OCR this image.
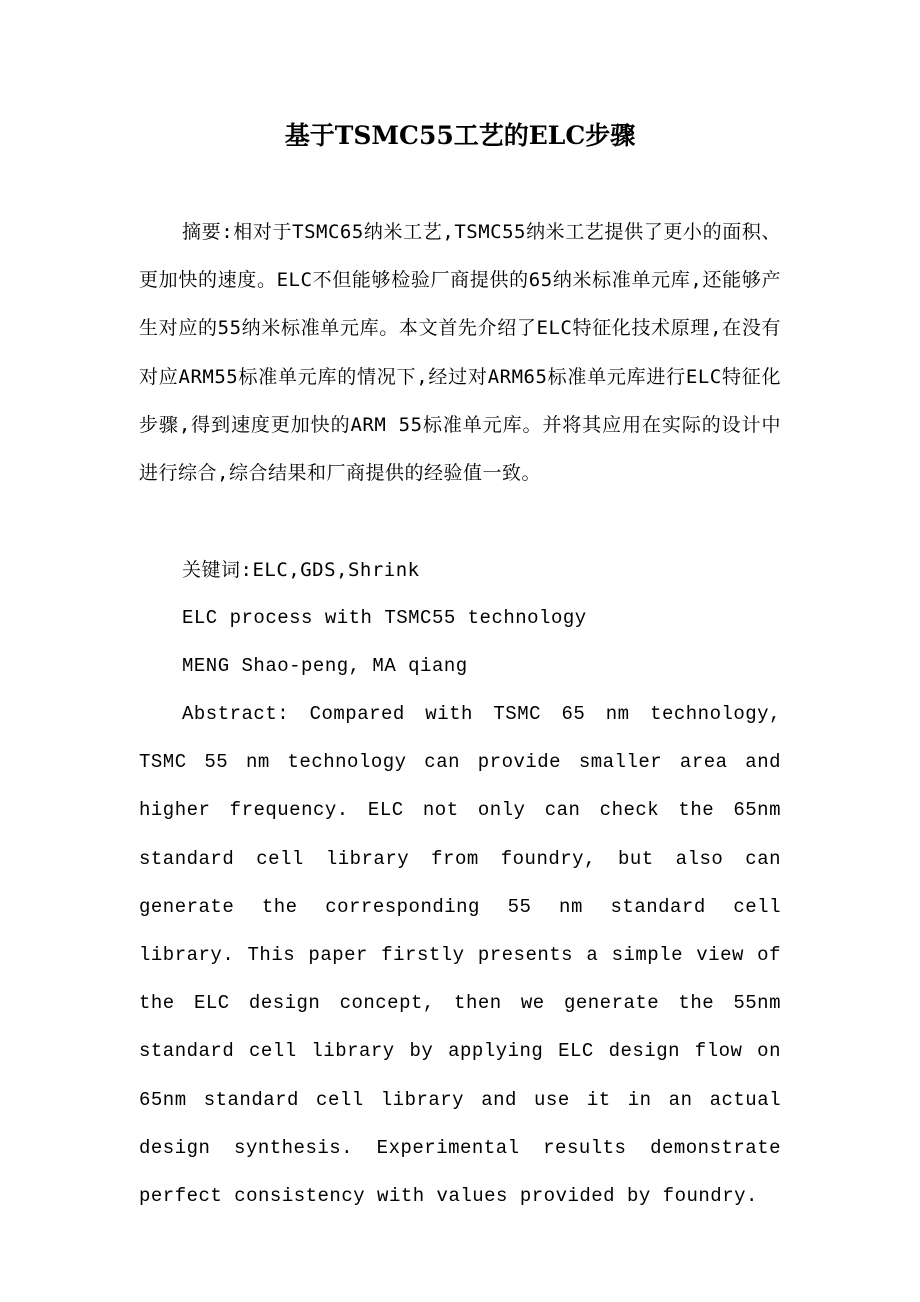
基于TSMC55工艺的ELC步骤

摘要:相对于TSMC65纳米工艺,TSMC55纳米工艺提供了更小的面积、更加快的速度。ELC不但能够检验厂商提供的65纳米标准单元库,还能够产生对应的55纳米标准单元库。本文首先介绍了ELC特征化技术原理,在没有对应ARM55标准单元库的情况下,经过对ARM65标准单元库进行ELC特征化步骤,得到速度更加快的ARM 55标准单元库。并将其应用在实际的设计中进行综合,综合结果和厂商提供的经验值一致。

关键词:ELC,GDS,Shrink

ELC process with TSMC55 technology

MENG Shao-peng, MA qiang

Abstract: Compared with TSMC 65 nm technology, TSMC 55 nm technology can provide smaller area and higher frequency. ELC not only can check the 65nm standard cell library from foundry, but also can generate the corresponding 55 nm standard cell library. This paper firstly presents a simple view of the ELC design concept, then we generate the 55nm standard cell library by applying ELC design flow on 65nm standard cell library and use it in an actual design synthesis. Experimental results demonstrate perfect consistency with values provided by foundry.
